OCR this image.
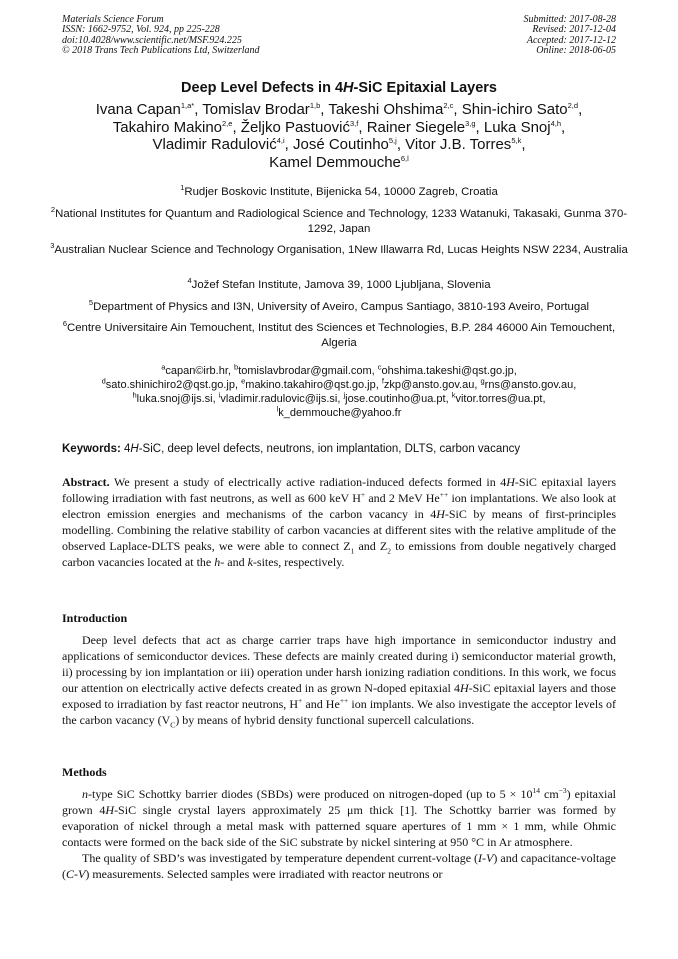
Materials Science Forum
ISSN: 1662-9752, Vol. 924, pp 225-228
doi:10.4028/www.scientific.net/MSF.924.225
© 2018 Trans Tech Publications Ltd, Switzerland
Submitted: 2017-08-28
Revised: 2017-12-04
Accepted: 2017-12-12
Online: 2018-06-05
Deep Level Defects in 4H-SiC Epitaxial Layers
Ivana Capan$^{1,a*}$, Tomislav Brodar$^{1,b}$, Takeshi Ohshima$^{2,c}$, Shin-ichiro Sato$^{2,d}$,
Takahiro Makino$^{2,e}$, Željko Pastuović$^{3,f}$, Rainer Siegele$^{3,g}$, Luka Snoj$^{4,h}$,
Vladimir Radulović$^{4,i}$, José Coutinho$^{5,j}$, Vitor J.B. Torres$^{5,k}$,
Kamel Demmouche$^{6,l}$
$^1$Rudjer Boskovic Institute, Bijenicka 54, 10000 Zagreb, Croatia
$^2$National Institutes for Quantum and Radiological Science and Technology, 1233 Watanuki, Takasaki, Gunma 370-1292, Japan
$^3$Australian Nuclear Science and Technology Organisation, 1New Illawarra Rd, Lucas Heights NSW 2234, Australia
$^4$Jožef Stefan Institute, Jamova 39, 1000 Ljubljana, Slovenia
$^5$Department of Physics and I3N, University of Aveiro, Campus Santiago, 3810-193 Aveiro, Portugal
$^6$Centre Universitaire Ain Temouchent, Institut des Sciences et Technologies, B.P. 284 46000 Ain Temouchent, Algeria
$^a$capan©irb.hr, $^b$tomislavbrodar@gmail.com, $^c$ohshima.takeshi@qst.go.jp,
$^d$sato.shinichiro2@qst.go.jp, $^e$makino.takahiro@qst.go.jp, $^f$zkp@ansto.gov.au, $^g$rns@ansto.gov.au,
$^h$luka.snoj@ijs.si, $^i$vladimir.radulovic@ijs.si, $^j$jose.coutinho@ua.pt, $^k$vitor.torres@ua.pt,
$^l$k_demmouche@yahoo.fr
Keywords: 4H-SiC, deep level defects, neutrons, ion implantation, DLTS, carbon vacancy
Abstract. We present a study of electrically active radiation-induced defects formed in 4H-SiC epitaxial layers following irradiation with fast neutrons, as well as 600 keV H+ and 2 MeV He++ ion implantations. We also look at electron emission energies and mechanisms of the carbon vacancy in 4H-SiC by means of first-principles modelling. Combining the relative stability of carbon vacancies at different sites with the relative amplitude of the observed Laplace-DLTS peaks, we were able to connect $Z_1$ and $Z_2$ to emissions from double negatively charged carbon vacancies located at the h- and k-sites, respectively.
Introduction

Deep level defects that act as charge carrier traps have high importance in semiconductor industry and applications of semiconductor devices. These defects are mainly created during i) semiconductor material growth, ii) processing by ion implantation or iii) operation under harsh ionizing radiation conditions. In this work, we focus our attention on electrically active defects created in as grown N-doped epitaxial 4H-SiC epitaxial layers and those exposed to irradiation by fast reactor neutrons, H+ and He++ ion implants. We also investigate the acceptor levels of the carbon vacancy $(V_C)$ by means of hybrid density functional supercell calculations.

Methods

n-type SiC Schottky barrier diodes (SBDs) were produced on nitrogen-doped (up to $5 \times 10^{14}$ $cm^{-3}$) epitaxial grown 4H-SiC single crystal layers approximately 25 μm thick [1]. The Schottky barrier was formed by evaporation of nickel through a metal mask with patterned square apertures of 1 mm × 1 mm, while Ohmic contacts were formed on the back side of the SiC substrate by nickel sintering at 950 °C in Ar atmosphere.

The quality of SBD’s was investigated by temperature dependent current-voltage (I-V) and capacitance-voltage (C-V) measurements. Selected samples were irradiated with reactor neutrons or
